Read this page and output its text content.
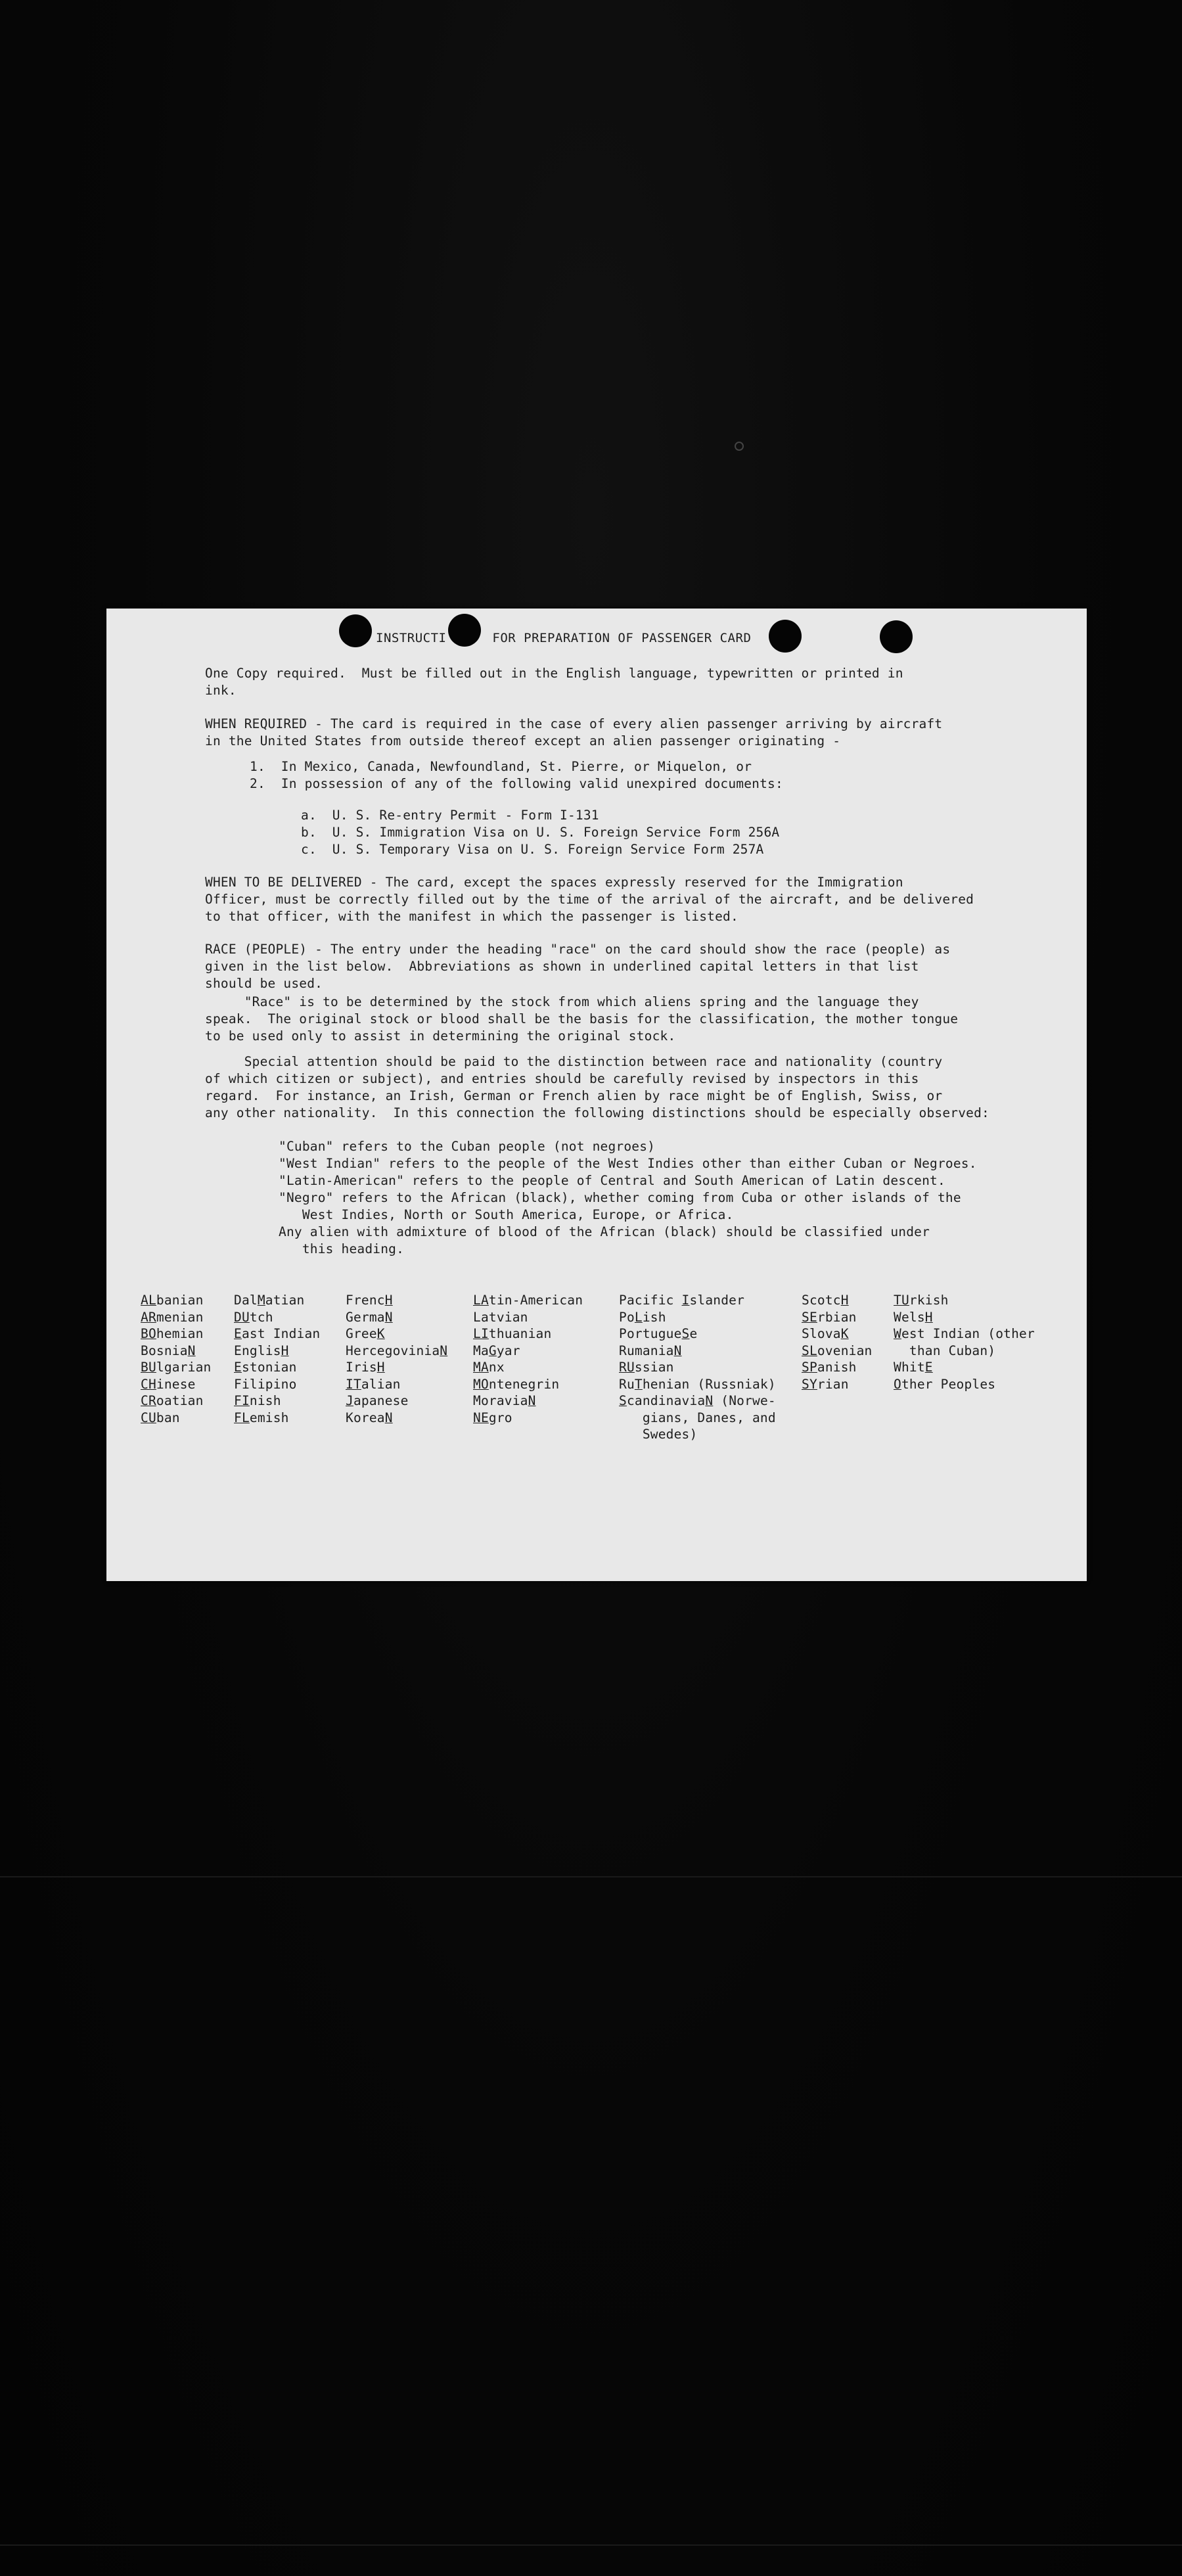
INSTRUCTI	FOR PREPARATION OF PASSENGER CARD
One Copy required.  Must be filled out in the English language, typewritten or printed in
ink.
WHEN REQUIRED - The card is required in the case of every alien passenger arriving by aircraft
in the United States from outside thereof except an alien passenger originating -
1.  In Mexico, Canada, Newfoundland, St. Pierre, or Miquelon, or
2.  In possession of any of the following valid unexpired documents:
a.  U. S. Re-entry Permit - Form I-131
b.  U. S. Immigration Visa on U. S. Foreign Service Form 256A
c.  U. S. Temporary Visa on U. S. Foreign Service Form 257A
WHEN TO BE DELIVERED - The card, except the spaces expressly reserved for the Immigration
Officer, must be correctly filled out by the time of the arrival of the aircraft, and be delivered
to that officer, with the manifest in which the passenger is listed.
RACE (PEOPLE) - The entry under the heading "race" on the card should show the race (people) as
given in the list below.  Abbreviations as shown in underlined capital letters in that list
should be used.
"Race" is to be determined by the stock from which aliens spring and the language they
speak.  The original stock or blood shall be the basis for the classification, the mother tongue
to be used only to assist in determining the original stock.
Special attention should be paid to the distinction between race and nationality (country
of which citizen or subject), and entries should be carefully revised by inspectors in this
regard.  For instance, an Irish, German or French alien by race might be of English, Swiss, or
any other nationality.  In this connection the following distinctions should be especially observed:
"Cuban" refers to the Cuban people (not negroes)
"West Indian" refers to the people of the West Indies other than either Cuban or Negroes.
"Latin-American" refers to the people of Central and South American of Latin descent.
"Negro" refers to the African (black), whether coming from Cuba or other islands of the
West Indies, North or South America, Europe, or Africa.
Any alien with admixture of blood of the African (black) should be classified under
this heading.
ALbanian
ARmenian
BOhemian
BosniaN
BUlgarian
CHinese
CRoatian
CUban
DalMatian
DUtch
East Indian
EnglisH
Estonian
Filipino
FInish
FLemish
FrencH
GermaN
GreeK
HercegoviniaN
IrisH
ITalian
Japanese
KoreaN
LAtin-American
Latvian
LIthuanian
MaGyar
MAnx
MOntenegrin
MoraviaN
NEgro
Pacific Islander
PoLish
PortugueSe
RumaniaN
RUssian
RuThenian (Russniak)
ScandinaviaN (Norwe-
gians, Danes, and
Swedes)
ScotcH
SErbian
SlovaK
SLovenian
SPanish
SYrian
TUrkish
WelsH
West Indian (other
than Cuban)
WhitE
Other Peoples
